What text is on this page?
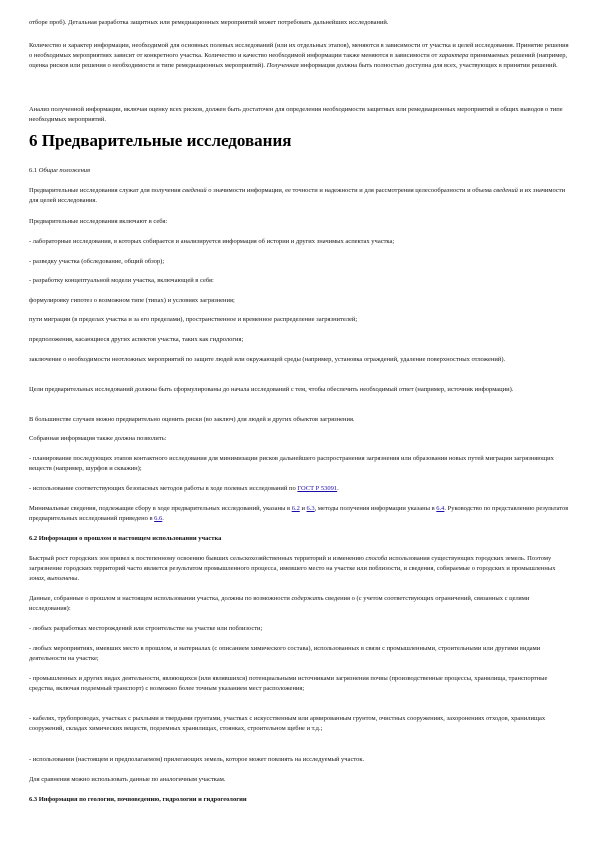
отборе проб). Детальная разработка защитных или ремедиационных мероприятий может потребовать дальнейших исследований.

Количество и характер информации, необходимой для основных полевых исследований (или их отдельных этапов), меняются в зависимости от участка и целей исследования. Принятие решения о необходимых мероприятиях зависит от конкретного участка. Количество и качество необходимой информации также меняются в зависимости от характера принимаемых решений (например, оценка рисков или решения о необходимости и типе ремедиационных мероприятий). Полученная информация должна быть полностью доступна для всех, участвующих в принятии решений.

Анализ полученной информации, включая оценку всех рисков, должен быть достаточен для определения необходимости защитных или ремедиационных мероприятий и общих выводов о типе необходимых мероприятий.

6 Предварительные исследования

6.1 Общие положения

Предварительные исследования служат для получения сведений о значимости информации, ее точности и надежности и для рассмотрения целесообразности и объема сведений и их значимости для целей исследования.

Предварительные исследования включают в себя:

- лабораторные исследования, в которых собирается и анализируется информация об истории и других значимых аспектах участка;

- разведку участка (обследование, общий обзор);

- разработку концептуальной модели участка, включающей в себя:

формулировку гипотез о возможном типе (типах) и условиях загрязнения;

пути миграции (в пределах участка и за его пределами), пространственное и временное распределение загрязнителей;

предположения, касающиеся других аспектов участка, таких как гидрология;

заключение о необходимости неотложных мероприятий по защите людей или окружающей среды (например, установка ограждений, удаление поверхностных отложений).

Цели предварительных исследований должны быть сформулированы до начала исследований с тем, чтобы обеспечить необходимый ответ (например, источник информации).

В большинстве случаев можно предварительно оценить риски (во заключ) для людей и других объектов загрязнения.

Собранная информация также должна позволить:

- планирование последующих этапов контактного исследования для минимизации рисков дальнейшего распространения загрязнения или образования новых путей миграции загрязняющих веществ (например, шурфов и скважин);

- использование соответствующих безопасных методов работы в ходе полевых исследований по ГОСТ Р 53091.

Минимальные сведения, подлежащие сбору в ходе предварительных исследований, указаны в 6.2 и 6.3, методы получения информации указаны в 6.4. Руководство по представлению результатов предварительных исследований приведено в 6.6.

6.2 Информация о прошлом и настоящем использовании участка

Быстрый рост городских зон привел к постепенному освоению бывших сельскохозяйственных территорий и изменению способа использования существующих городских земель. Поэтому загрязнение городских территорий часто является результатом промышленного процесса, имевшего место на участке или поблизости, и сведения, собираемые о городских и промышленных зонах, выполнены.

Данные, собранные о прошлом и настоящем использовании участка, должны по возможности содержать сведения о (с учетом соответствующих ограничений, связанных с целями исследования):

- любых разработках месторождений или строительстве на участке или поблизости;

- любых мероприятиях, имевших место в прошлом, и материалах (с описанием химического состава), использованных в связи с промышленными, строительными или другими видами деятельности на участке;

- промышленных и других видах деятельности, являющихся (или являвшихся) потенциальными источниками загрязнения почвы (производственные процессы, хранилища, транспортные средства, включая подземный транспорт) с возможно более точным указанием мест расположения;

- кабелях, трубопроводах, участках с рыхлыми и твердыми грунтами, участках с искусственным или армированным грунтом, очистных сооружениях, захоронениях отходов, хранилищах сооружений, складах химических веществ, подземных хранилищах, стоянках, строительном щебне и т.д.;

- использовании (настоящем и предполагаемом) прилегающих земель, которое может повлиять на исследуемый участок.

Для сравнения можно использовать данные по аналогичным участкам.

6.3 Информация по геологии, почвоведению, гидрологии и гидрогеологии
